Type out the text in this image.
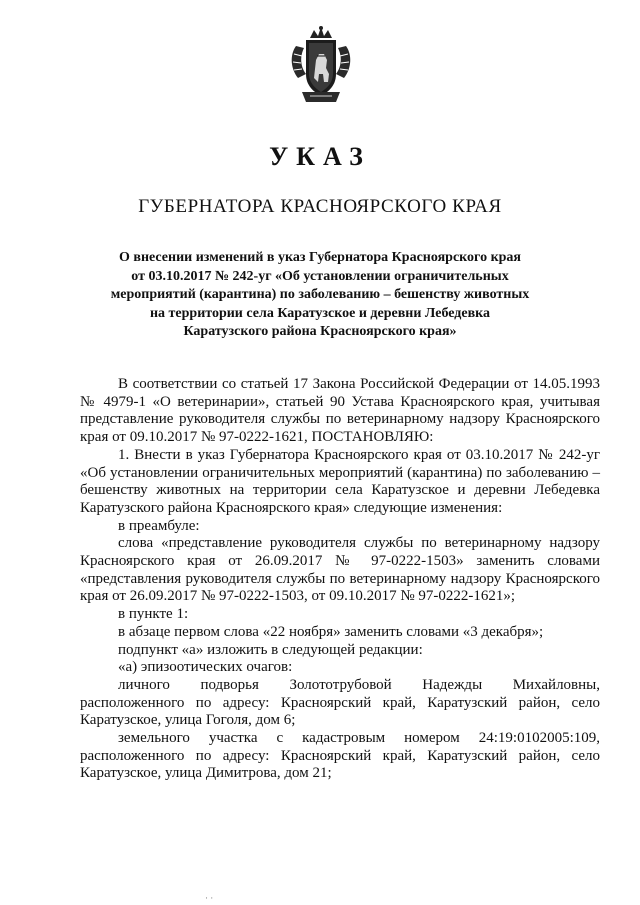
УКАЗ
ГУБЕРНАТОРА КРАСНОЯРСКОГО КРАЯ
О внесении изменений в указ Губернатора Красноярского края
от 03.10.2017 № 242-уг «Об установлении ограничительных
мероприятий (карантина) по заболеванию – бешенству животных
на территории села Каратузское и деревни Лебедевка
Каратузского района Красноярского края»

В соответствии со статьей 17 Закона Российской Федерации от 14.05.1993 № 4979-1 «О ветеринарии», статьей 90 Устава Красноярского края, учитывая представление руководителя службы по ветеринарному надзору Красноярского края от 09.10.2017 № 97-0222-1621, ПОСТАНОВЛЯЮ:

1. Внести в указ Губернатора Красноярского края от 03.10.2017 № 242-уг «Об установлении ограничительных мероприятий (карантина) по заболеванию – бешенству животных на территории села Каратузское и деревни Лебедевка Каратузского района Красноярского края» следующие изменения:

в преамбуле:

слова «представление руководителя службы по ветеринарному надзору Красноярского края от 26.09.2017 № 97-0222-1503» заменить словами «представления руководителя службы по ветеринарному надзору Красноярского края от 26.09.2017 № 97-0222-1503, от 09.10.2017 № 97-0222-1621»;

в пункте 1:

в абзаце первом слова «22 ноября» заменить словами «3 декабря»;

подпункт «а» изложить в следующей редакции:

«а) эпизоотических очагов:

личного подворья Золототрубовой Надежды Михайловны, расположенного по адресу: Красноярский край, Каратузский район, село Каратузское, улица Гоголя, дом 6;

земельного участка с кадастровым номером 24:19:0102005:109, расположенного по адресу: Красноярский край, Каратузский район, село Каратузское, улица Димитрова, дом 21;

· ·
